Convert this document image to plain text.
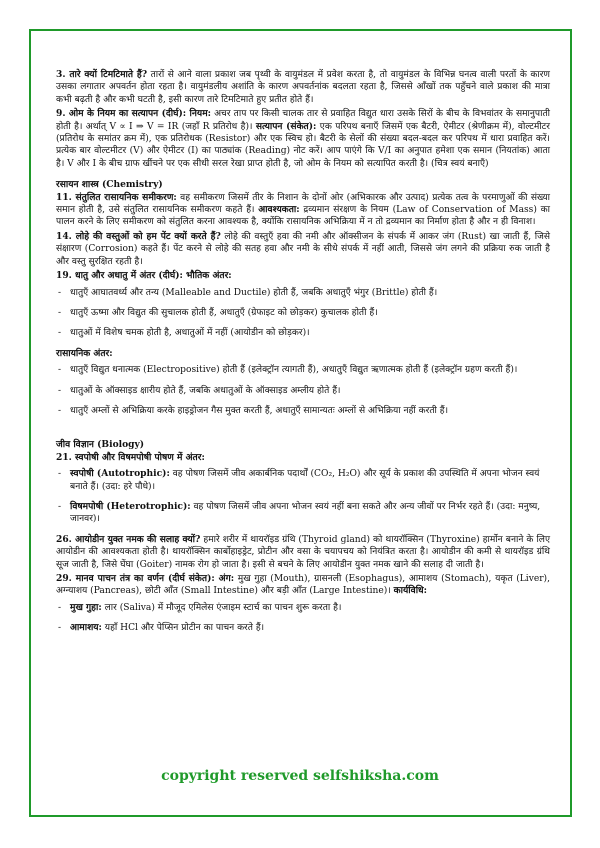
3. तारे क्यों टिमटिमाते हैं? तारों से आने वाला प्रकाश जब पृथ्वी के वायुमंडल में प्रवेश करता है, तो वायुमंडल के विभिन्न घनत्व वाली परतों के कारण उसका लगातार अपवर्तन होता रहता है। वायुमंडलीय अशांति के कारण अपवर्तनांक बदलता रहता है, जिससे आँखों तक पहुँचने वाले प्रकाश की मात्रा कभी बढ़ती है और कभी घटती है, इसी कारण तारे टिमटिमाते हुए प्रतीत होते हैं।

9. ओम के नियम का सत्यापन (दीर्घ): नियम: अचर ताप पर किसी चालक तार से प्रवाहित विद्युत धारा उसके सिरों के बीच के विभवांतर के समानुपाती होती है। अर्थात् V ∝ I ⇒ V = IR (जहाँ R प्रतिरोध है)। सत्यापन (संकेत): एक परिपथ बनाएँ जिसमें एक बैटरी, ऐमीटर (श्रेणीक्रम में), वोल्टमीटर (प्रतिरोध के समांतर क्रम में), एक प्रतिरोधक (Resistor) और एक स्विच हो। बैटरी के सेलों की संख्या बदल-बदल कर परिपथ में धारा प्रवाहित करें। प्रत्येक बार वोल्टमीटर (V) और ऐमीटर (I) का पाठ्यांक (Reading) नोट करें। आप पाएंगे कि V/I का अनुपात हमेशा एक समान (नियतांक) आता है। V और I के बीच ग्राफ खींचने पर एक सीधी सरल रेखा प्राप्त होती है, जो ओम के नियम को सत्यापित करती है। (चित्र स्वयं बनाएँ)

रसायन शास्त्र (Chemistry)

11. संतुलित रासायनिक समीकरण: वह समीकरण जिसमें तीर के निशान के दोनों ओर (अभिकारक और उत्पाद) प्रत्येक तत्व के परमाणुओं की संख्या समान होती है, उसे संतुलित रासायनिक समीकरण कहते हैं। आवश्यकता: द्रव्यमान संरक्षण के नियम (Law of Conservation of Mass) का पालन करने के लिए समीकरण को संतुलित करना आवश्यक है, क्योंकि रासायनिक अभिक्रिया में न तो द्रव्यमान का निर्माण होता है और न ही विनाश।

14. लोहे की वस्तुओं को हम पेंट क्यों करते हैं? लोहे की वस्तुएँ हवा की नमी और ऑक्सीजन के संपर्क में आकर जंग (Rust) खा जाती हैं, जिसे संक्षारण (Corrosion) कहते हैं। पेंट करने से लोहे की सतह हवा और नमी के सीधे संपर्क में नहीं आती, जिससे जंग लगने की प्रक्रिया रुक जाती है और वस्तु सुरक्षित रहती है।

19. धातु और अधातु में अंतर (दीर्घ): भौतिक अंतर:

- धातुएँ आघातवर्ध्य और तन्य (Malleable and Ductile) होती हैं, जबकि अधातुएँ भंगुर (Brittle) होती हैं।
- धातुएँ ऊष्मा और विद्युत की सुचालक होती हैं, अधातुएँ (ग्रेफाइट को छोड़कर) कुचालक होती हैं।
- धातुओं में विशेष चमक होती है, अधातुओं में नहीं (आयोडीन को छोड़कर)।
रासायनिक अंतर:
- धातुएँ विद्युत धनात्मक (Electropositive) होती हैं (इलेक्ट्रॉन त्यागती हैं), अधातुएँ विद्युत ऋणात्मक होती हैं (इलेक्ट्रॉन ग्रहण करती हैं)।
- धातुओं के ऑक्साइड क्षारीय होते हैं, जबकि अधातुओं के ऑक्साइड अम्लीय होते हैं।
- धातुएँ अम्लों से अभिक्रिया करके हाइड्रोजन गैस मुक्त करती हैं, अधातुएँ सामान्यतः अम्लों से अभिक्रिया नहीं करती हैं।
जीव विज्ञान (Biology)

21. स्वपोषी और विषमपोषी पोषण में अंतर:

- स्वपोषी (Autotrophic): वह पोषण जिसमें जीव अकार्बनिक पदार्थों (CO₂, H₂O) और सूर्य के प्रकाश की उपस्थिति में अपना भोजन स्वयं बनाते हैं। (उदा: हरे पौधे)।
- विषमपोषी (Heterotrophic): वह पोषण जिसमें जीव अपना भोजन स्वयं नहीं बना सकते और अन्य जीवों पर निर्भर रहते हैं। (उदा: मनुष्य, जानवर)।

26. आयोडीन युक्त नमक की सलाह क्यों? हमारे शरीर में थायरॉइड ग्रंथि (Thyroid gland) को थायरॉक्सिन (Thyroxine) हार्मोन बनाने के लिए आयोडीन की आवश्यकता होती है। थायरॉक्सिन कार्बोहाइड्रेट, प्रोटीन और वसा के चयापचय को नियंत्रित करता है। आयोडीन की कमी से थायरॉइड ग्रंथि सूज जाती है, जिसे घेंघा (Goiter) नामक रोग हो जाता है। इसी से बचने के लिए आयोडीन युक्त नमक खाने की सलाह दी जाती है।

29. मानव पाचन तंत्र का वर्णन (दीर्घ संकेत): अंग: मुख गुहा (Mouth), ग्रासनली (Esophagus), आमाशय (Stomach), यकृत (Liver), अग्न्याशय (Pancreas), छोटी आँत (Small Intestine) और बड़ी आँत (Large Intestine)। कार्यविधि:

- मुख गुहा: लार (Saliva) में मौजूद एमिलेस एंजाइम स्टार्च का पाचन शुरू करता है।
- आमाशय: यहाँ HCl और पेप्सिन प्रोटीन का पाचन करते हैं।
copyright reserved selfshiksha.com
